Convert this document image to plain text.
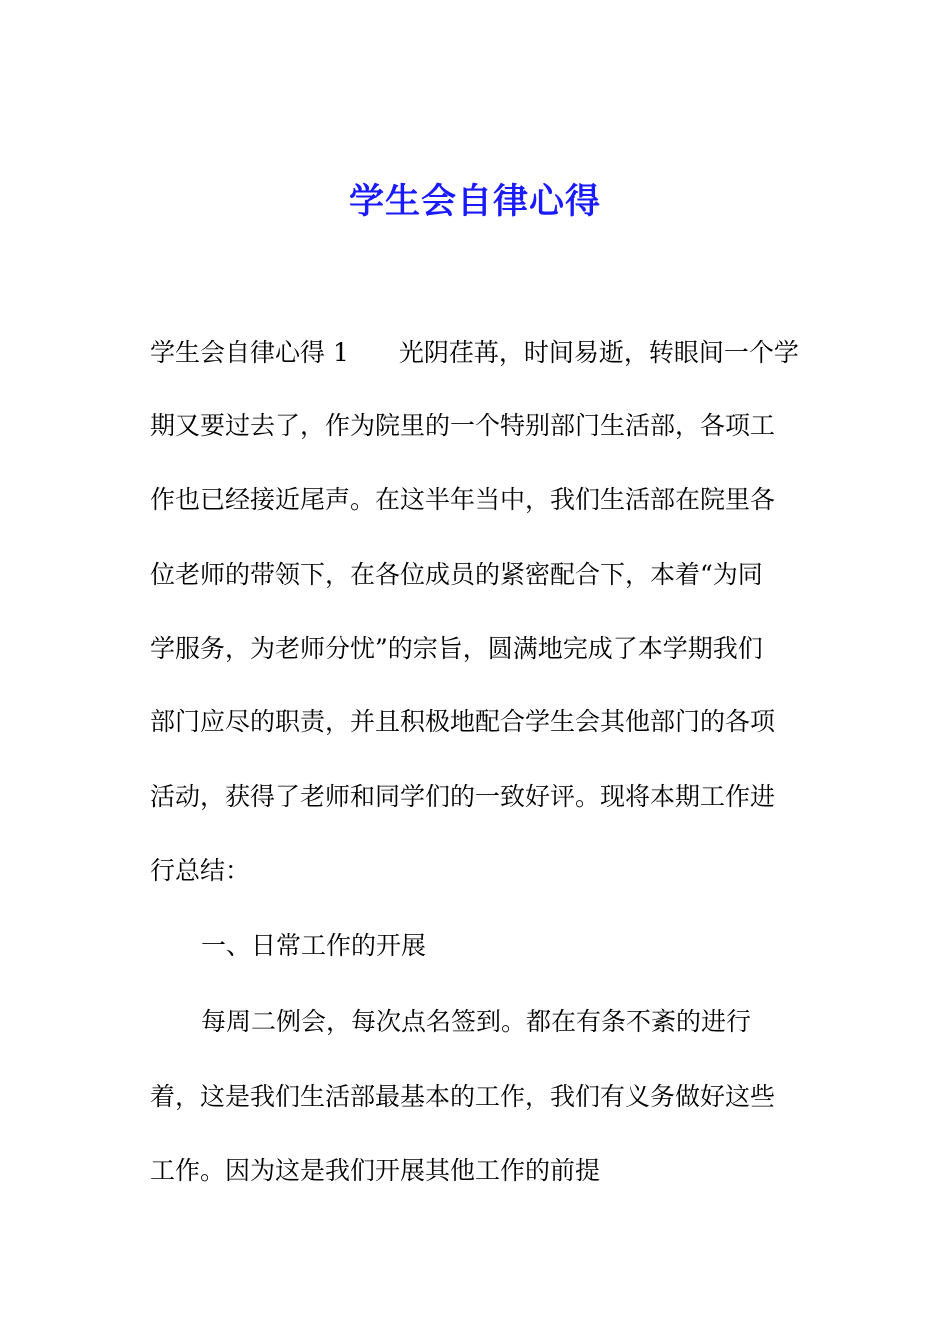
学生会自律心得
学生会自律心得 1　　光阴荏苒，时间易逝，转眼间一个学
期又要过去了，作为院里的一个特别部门生活部，各项工
作也已经接近尾声。在这半年当中，我们生活部在院里各
位老师的带领下，在各位成员的紧密配合下，本着“为同
学服务，为老师分忧”的宗旨，圆满地完成了本学期我们
部门应尽的职责，并且积极地配合学生会其他部门的各项
活动，获得了老师和同学们的一致好评。现将本期工作进
行总结：
一、日常工作的开展
每周二例会，每次点名签到。都在有条不紊的进行
着，这是我们生活部最基本的工作，我们有义务做好这些
工作。因为这是我们开展其他工作的前提
